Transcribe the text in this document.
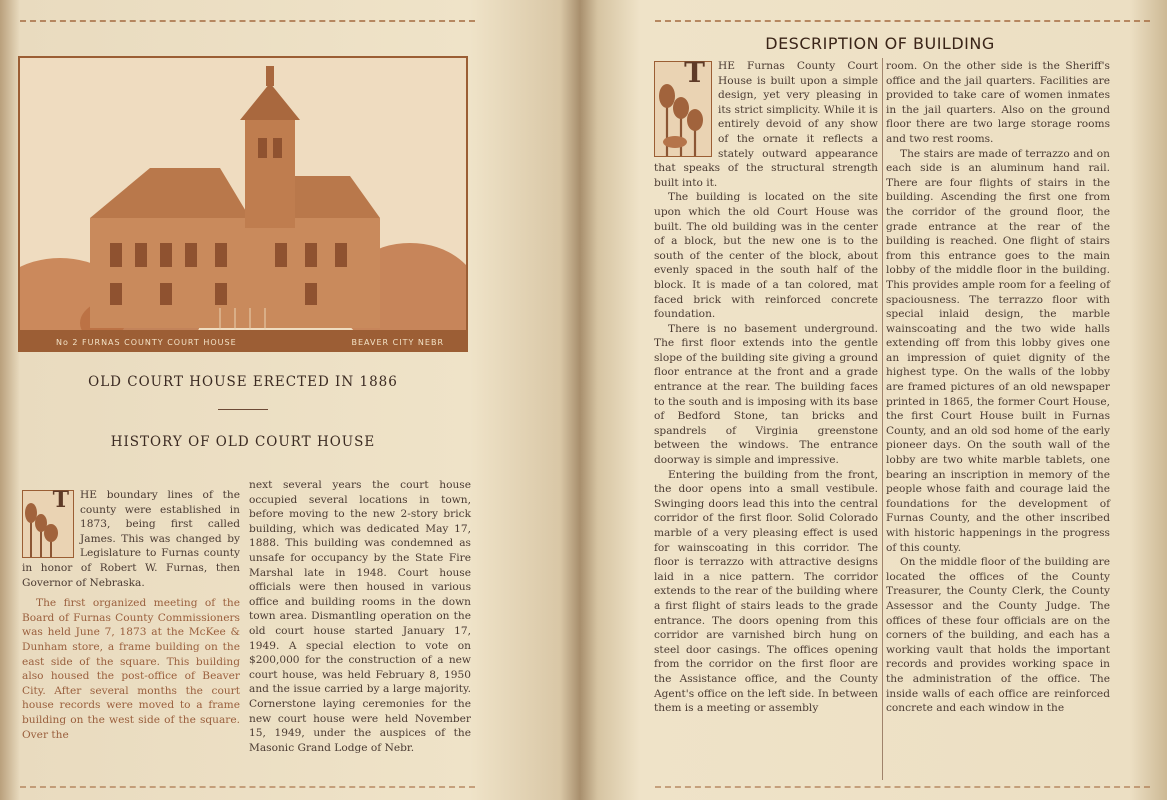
No 2 FURNAS COUNTY COURT HOUSE	BEAVER CITY NEBR
OLD COURT HOUSE ERECTED IN 1886
HISTORY OF OLD COURT HOUSE
T	HE boundary lines of the county were established in 1873, being first called James. This was changed by Legislature to Furnas county in honor of Robert W. Furnas, then Governor of Nebraska.

The first organized meeting of the Board of Furnas County Commissioners was held June 7, 1873 at the McKee & Dunham store, a frame building on the east side of the square. This building also housed the post-office of Beaver City. After several months the court house records were moved to a frame building on the west side of the square. Over the

next several years the court house occupied several locations in town, before moving to the new 2-story brick building, which was dedicated May 17, 1888. This building was condemned as unsafe for occupancy by the State Fire Marshal late in 1948. Court house officials were then housed in various office and building rooms in the down town area. Dismantling operation on the old court house started January 17, 1949. A special election to vote on $200,000 for the construction of a new court house, was held February 8, 1950 and the issue carried by a large majority. Cornerstone laying ceremonies for the new court house were held November 15, 1949, under the auspices of the Masonic Grand Lodge of Nebr.

DESCRIPTION OF BUILDING
T	HE Furnas County Court House is built upon a simple design, yet very pleasing in its strict simplicity. While it is entirely devoid of any show of the ornate it reflects a stately outward appearance that speaks of the structural strength built into it.

The building is located on the site upon which the old Court House was built. The old building was in the center of a block, but the new one is to the south of the center of the block, about evenly spaced in the south half of the block. It is made of a tan colored, mat faced brick with reinforced concrete foundation.

There is no basement underground. The first floor extends into the gentle slope of the building site giving a ground floor entrance at the front and a grade entrance at the rear. The building faces to the south and is imposing with its base of Bedford Stone, tan bricks and spandrels of Virginia greenstone between the windows. The entrance doorway is simple and impressive.

Entering the building from the front, the door opens into a small vestibule. Swinging doors lead this into the central corridor of the first floor. Solid Colorado marble of a very pleasing effect is used for wainscoating in this corridor. The floor is terrazzo with attractive designs laid in a nice pattern. The corridor extends to the rear of the building where a first flight of stairs leads to the grade entrance. The doors opening from this corridor are varnished birch hung on steel door casings. The offices opening from the corridor on the first floor are the Assistance office, and the County Agent's office on the left side. In between them is a meeting or assembly

room. On the other side is the Sheriff's office and the jail quarters. Facilities are provided to take care of women inmates in the jail quarters. Also on the ground floor there are two large storage rooms and two rest rooms.

The stairs are made of terrazzo and on each side is an aluminum hand rail. There are four flights of stairs in the building. Ascending the first one from the corridor of the ground floor, the grade entrance at the rear of the building is reached. One flight of stairs from this entrance goes to the main lobby of the middle floor in the building. This provides ample room for a feeling of spaciousness. The terrazzo floor with special inlaid design, the marble wainscoating and the two wide halls extending off from this lobby gives one an impression of quiet dignity of the highest type. On the walls of the lobby are framed pictures of an old newspaper printed in 1865, the former Court House, the first Court House built in Furnas County, and an old sod home of the early pioneer days. On the south wall of the lobby are two white marble tablets, one bearing an inscription in memory of the people whose faith and courage laid the foundations for the development of Furnas County, and the other inscribed with historic happenings in the progress of this county.

On the middle floor of the building are located the offices of the County Treasurer, the County Clerk, the County Assessor and the County Judge. The offices of these four officials are on the corners of the building, and each has a working vault that holds the important records and provides working space in the administration of the office. The inside walls of each office are reinforced concrete and each window in the
